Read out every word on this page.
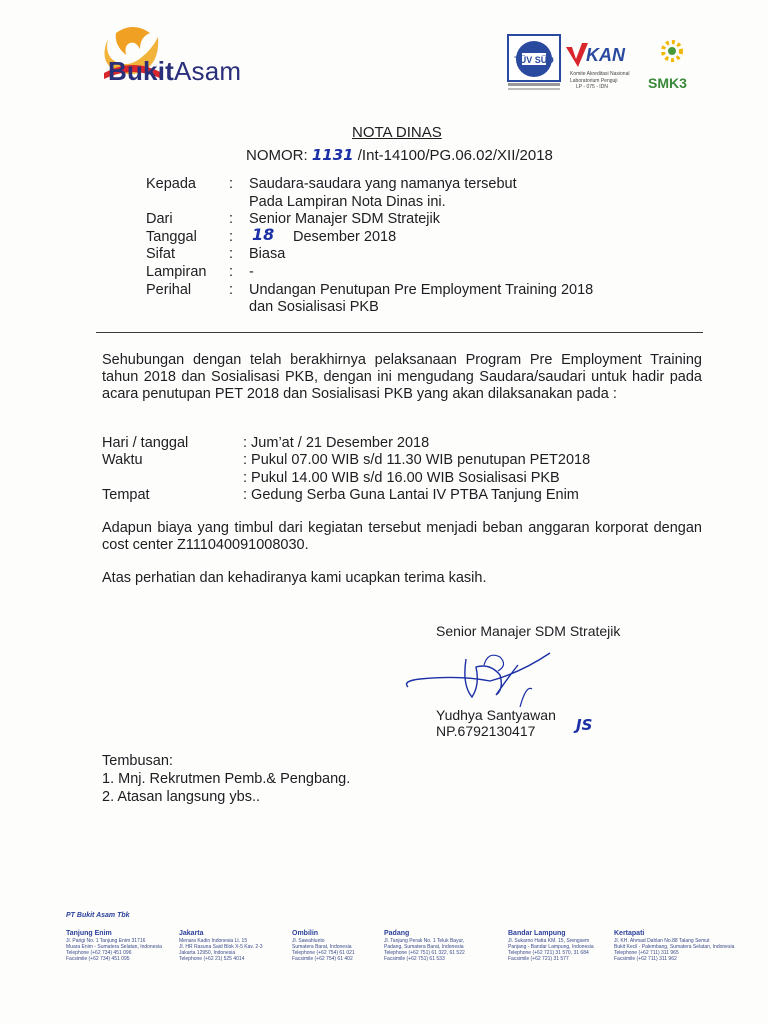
BukitAsam	TÜV SÜD KAN
Komite Akreditasi Nasional
Laboratorium Penguji
LP - 075 - IDN	SMK3
NOTA DINAS
NOMOR: 1131 /Int-14100/PG.06.02/XII/2018
Kepada : Saudara-saudara yang namanya tersebut
Pada Lampiran Nota Dinas ini.
Dari	: Senior Manajer SDM Stratejik
Tanggal : 18 Desember 2018
Sifat	: Biasa
Lampiran : -
Perihal	: Undangan Penutupan Pre Employment Training 2018
dan Sosialisasi PKB
Sehubungan dengan telah berakhirnya pelaksanaan Program Pre Employment Training tahun 2018 dan Sosialisasi PKB, dengan ini mengudang Saudara/saudari untuk hadir pada acara penutupan PET 2018 dan Sosialisasi PKB yang akan dilaksanakan pada :
Hari / tanggal	: Jum’at / 21 Desember 2018
Waktu	: Pukul 07.00 WIB s/d 11.30 WIB penutupan PET2018
: Pukul 14.00 WIB s/d 16.00 WIB Sosialisasi PKB
Tempat	: Gedung Serba Guna Lantai IV PTBA Tanjung Enim
Adapun biaya yang timbul dari kegiatan tersebut menjadi beban anggaran korporat dengan cost center Z111040091008030.
Atas perhatian dan kehadiranya kami ucapkan terima kasih.
Senior Manajer SDM Stratejik
Yudhya Santyawan
NP.6792130417	JS
Tembusan:
1. Mnj. Rekrutmen Pemb.& Pengbang.
2. Atasan langsung ybs..
PT Bukit Asam Tbk
Tanjung Enim
Jl. Parigi No. 1 Tanjung Enim 31716
Muara Enim - Sumatera Selatan, Indonesia
Telephone (+62 734) 451 096
Facsimile (+62 734) 451 095
Jakarta
Menara Kadin Indonesia Lt. 15
Jl. HR Rasuna Said Blok X-5 Kav. 2-3
Jakarta 12950, Indonesia
Telephone (+62 21) 525 4014
Ombilin
Jl. Sawahlunto
Sumatera Barat, Indonesia
Telephone (+62 754) 61 021
Facsimile (+62 754) 61 402
Padang
Jl. Tanjung Perak No. 1 Teluk Bayur,
Padang, Sumatera Barat, Indonesia
Telephone (+62 751) 61 322, 61 522
Facsimile (+62 751) 61 533
Bandar Lampung
Jl. Sukarno Hatta KM. 15, Srengsem
Panjang - Bandar Lampung, Indonesia
Telephone (+62 721) 31 570, 31 684
Facsimile (+62 721) 31 577
Kertapati
Jl. KH. Ahmad Dahlan No.88 Talang Semut
Bukit Kecil - Palembang, Sumatera Selatan, Indonesia
Telephone (+62 711) 311 965
Facsimile (+62 711) 311 962
